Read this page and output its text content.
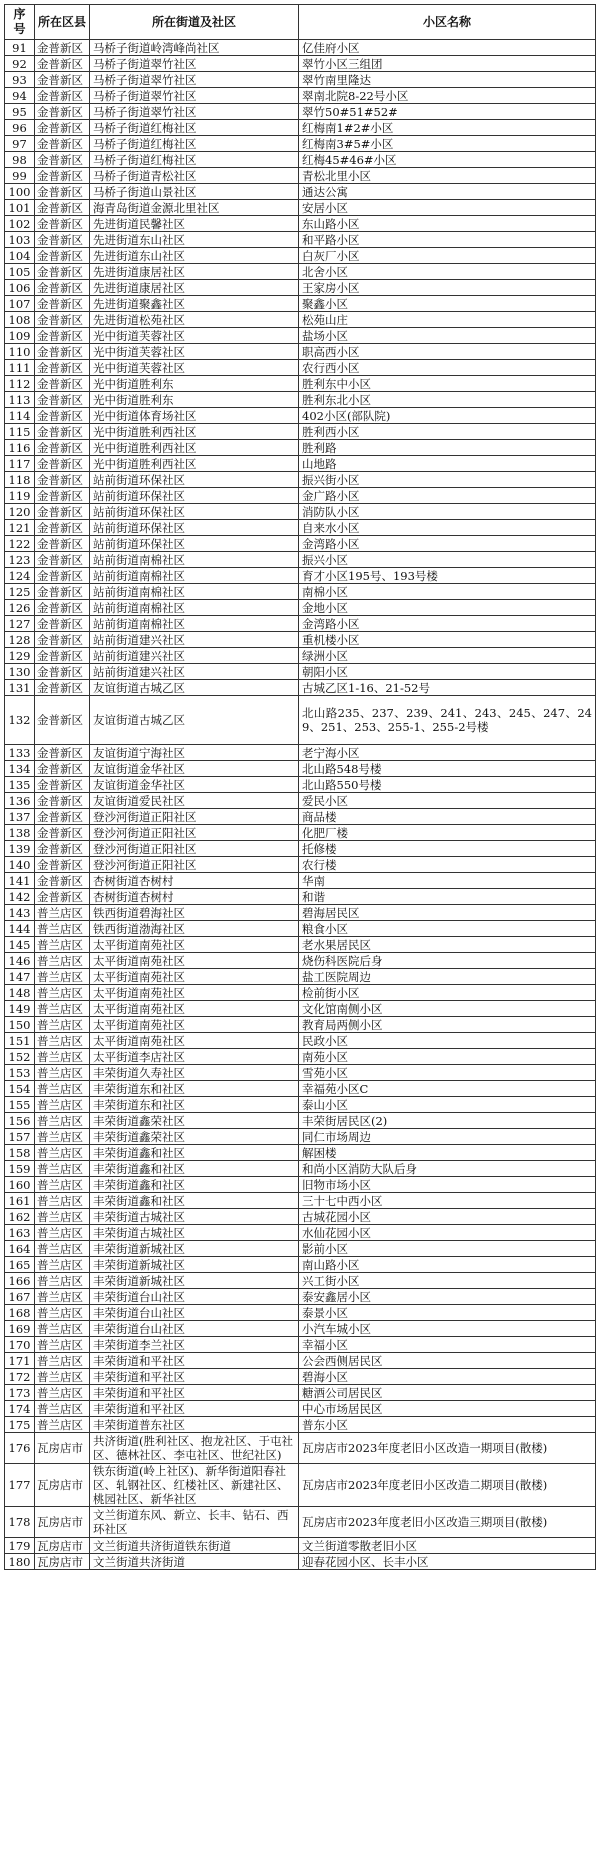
序号	所在区县	所在街道及社区	小区名称
91	金普新区	马桥子街道岭湾峰尚社区	亿佳府小区
92	金普新区	马桥子街道翠竹社区	翠竹小区三组团
93	金普新区	马桥子街道翠竹社区	翠竹南里隆达
94	金普新区	马桥子街道翠竹社区	翠南北院8-22号小区
95	金普新区	马桥子街道翠竹社区	翠竹50#51#52#
96	金普新区	马桥子街道红梅社区	红梅南1#2#小区
97	金普新区	马桥子街道红梅社区	红梅南3#5#小区
98	金普新区	马桥子街道红梅社区	红梅45#46#小区
99	金普新区	马桥子街道青松社区	青松北里小区
100	金普新区	马桥子街道山景社区	通达公寓
101	金普新区	海青岛街道金源北里社区	安居小区
102	金普新区	先进街道民馨社区	东山路小区
103	金普新区	先进街道东山社区	和平路小区
104	金普新区	先进街道东山社区	白灰厂小区
105	金普新区	先进街道康居社区	北舍小区
106	金普新区	先进街道康居社区	王家房小区
107	金普新区	先进街道聚鑫社区	聚鑫小区
108	金普新区	先进街道松苑社区	松苑山庄
109	金普新区	光中街道芙蓉社区	盐场小区
110	金普新区	光中街道芙蓉社区	职高西小区
111	金普新区	光中街道芙蓉社区	农行西小区
112	金普新区	光中街道胜利东	胜利东中小区
113	金普新区	光中街道胜利东	胜利东北小区
114	金普新区	光中街道体育场社区	402小区(部队院)
115	金普新区	光中街道胜利西社区	胜利西小区
116	金普新区	光中街道胜利西社区	胜利路
117	金普新区	光中街道胜利西社区	山地路
118	金普新区	站前街道环保社区	振兴街小区
119	金普新区	站前街道环保社区	金广路小区
120	金普新区	站前街道环保社区	消防队小区
121	金普新区	站前街道环保社区	自来水小区
122	金普新区	站前街道环保社区	金湾路小区
123	金普新区	站前街道南棉社区	振兴小区
124	金普新区	站前街道南棉社区	育才小区195号、193号楼
125	金普新区	站前街道南棉社区	南棉小区
126	金普新区	站前街道南棉社区	金地小区
127	金普新区	站前街道南棉社区	金湾路小区
128	金普新区	站前街道建兴社区	重机楼小区
129	金普新区	站前街道建兴社区	绿洲小区
130	金普新区	站前街道建兴社区	朝阳小区
131	金普新区	友谊街道古城乙区	古城乙区1-16、21-52号
132	金普新区	友谊街道古城乙区	北山路235、237、239、241、243、245、247、249、251、253、255-1、255-2号楼
133	金普新区	友谊街道宁海社区	老宁海小区
134	金普新区	友谊街道金华社区	北山路548号楼
135	金普新区	友谊街道金华社区	北山路550号楼
136	金普新区	友谊街道爱民社区	爱民小区
137	金普新区	登沙河街道正阳社区	商品楼
138	金普新区	登沙河街道正阳社区	化肥厂楼
139	金普新区	登沙河街道正阳社区	托修楼
140	金普新区	登沙河街道正阳社区	农行楼
141	金普新区	杏树街道杏树村	华南
142	金普新区	杏树街道杏树村	和谐
143	普兰店区	铁西街道碧海社区	碧海居民区
144	普兰店区	铁西街道渤海社区	粮食小区
145	普兰店区	太平街道南苑社区	老水果居民区
146	普兰店区	太平街道南苑社区	烧伤科医院后身
147	普兰店区	太平街道南苑社区	盐工医院周边
148	普兰店区	太平街道南苑社区	检前街小区
149	普兰店区	太平街道南苑社区	文化馆南侧小区
150	普兰店区	太平街道南苑社区	教育局两侧小区
151	普兰店区	太平街道南苑社区	民政小区
152	普兰店区	太平街道李店社区	南苑小区
153	普兰店区	丰荣街道久寿社区	雪苑小区
154	普兰店区	丰荣街道东和社区	幸福苑小区C
155	普兰店区	丰荣街道东和社区	泰山小区
156	普兰店区	丰荣街道鑫荣社区	丰荣街居民区(2)
157	普兰店区	丰荣街道鑫荣社区	同仁市场周边
158	普兰店区	丰荣街道鑫和社区	解困楼
159	普兰店区	丰荣街道鑫和社区	和尚小区消防大队后身
160	普兰店区	丰荣街道鑫和社区	旧物市场小区
161	普兰店区	丰荣街道鑫和社区	三十七中西小区
162	普兰店区	丰荣街道古城社区	古城花园小区
163	普兰店区	丰荣街道古城社区	水仙花园小区
164	普兰店区	丰荣街道新城社区	影前小区
165	普兰店区	丰荣街道新城社区	南山路小区
166	普兰店区	丰荣街道新城社区	兴工街小区
167	普兰店区	丰荣街道台山社区	泰安鑫居小区
168	普兰店区	丰荣街道台山社区	泰景小区
169	普兰店区	丰荣街道台山社区	小汽车城小区
170	普兰店区	丰荣街道李兰社区	幸福小区
171	普兰店区	丰荣街道和平社区	公会西侧居民区
172	普兰店区	丰荣街道和平社区	碧海小区
173	普兰店区	丰荣街道和平社区	糖酒公司居民区
174	普兰店区	丰荣街道和平社区	中心市场居民区
175	普兰店区	丰荣街道普东社区	普东小区
176	瓦房店市	共济街道(胜利社区、抱龙社区、于屯社区、德林社区、李屯社区、世纪社区)	瓦房店市2023年度老旧小区改造一期项目(散楼)
177	瓦房店市	铁东街道(岭上社区)、新华街道阳春社区、轧钢社区、红楼社区、新建社区、桃园社区、新华社区	瓦房店市2023年度老旧小区改造二期项目(散楼)
178	瓦房店市	文兰街道东风、新立、长丰、钻石、西环社区	瓦房店市2023年度老旧小区改造三期项目(散楼)
179	瓦房店市	文兰街道共济街道铁东街道	文兰街道零散老旧小区
180	瓦房店市	文兰街道共济街道	迎春花园小区、长丰小区
